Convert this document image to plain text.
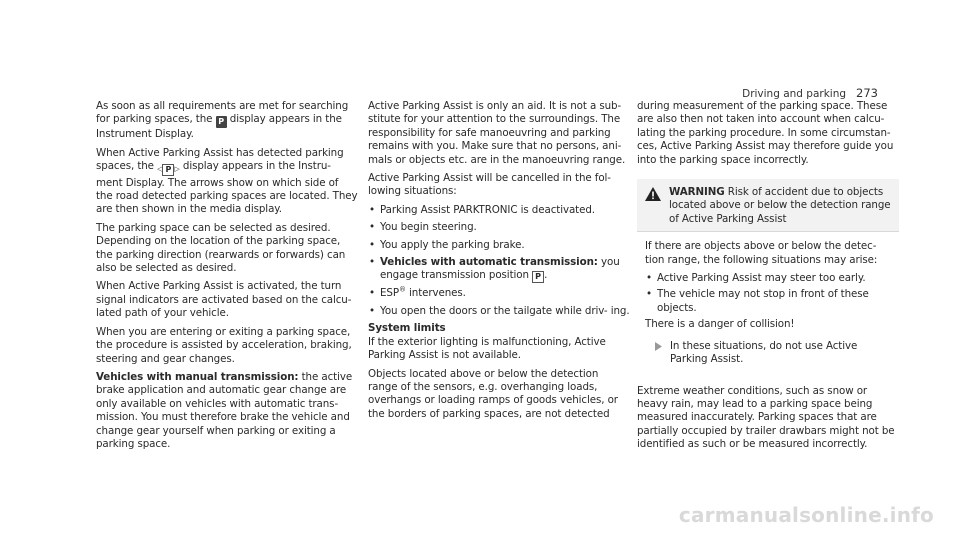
Driving and parking 273

As soon as all requirements are met for searching for parking spaces, the P display appears in the Instrument Display.

When Active Parking Assist has detected parking spaces, the ◁ P ▷ display appears in the Instru- ment Display. The arrows show on which side of the road detected parking spaces are located. They are then shown in the media display.

The parking space can be selected as desired. Depending on the location of the parking space, the parking direction (rearwards or forwards) can also be selected as desired.

When Active Parking Assist is activated, the turn signal indicators are activated based on the calcu- lated path of your vehicle.

When you are entering or exiting a parking space, the procedure is assisted by acceleration, braking, steering and gear changes.

Vehicles with manual transmission: the active brake application and automatic gear change are only available on vehicles with automatic trans- mission. You must therefore brake the vehicle and change gear yourself when parking or exiting a parking space.

Active Parking Assist is only an aid. It is not a sub- stitute for your attention to the surroundings. The responsibility for safe manoeuvring and parking remains with you. Make sure that no persons, ani- mals or objects etc. are in the manoeuvring range.

Active Parking Assist will be cancelled in the fol- lowing situations:

• Parking Assist PARKTRONIC is deactivated.
• You begin steering.
• You apply the parking brake.
• Vehicles with automatic transmission: you engage transmission position P .
• ESP® intervenes.
• You open the doors or the tailgate while driv- ing.

System limits

If the exterior lighting is malfunctioning, Active Parking Assist is not available.

Objects located above or below the detection range of the sensors, e.g. overhanging loads, overhangs or loading ramps of goods vehicles, or the borders of parking spaces, are not detected

during measurement of the parking space. These are also then not taken into account when calcu- lating the parking procedure. In some circumstan- ces, Active Parking Assist may therefore guide you into the parking space incorrectly.

WARNING Risk of accident due to objects located above or below the detection range of Active Parking Assist

If there are objects above or below the detec- tion range, the following situations may arise:

• Active Parking Assist may steer too early.
• The vehicle may not stop in front of these objects.

There is a danger of collision!

In these situations, do not use Active Parking Assist.

Extreme weather conditions, such as snow or heavy rain, may lead to a parking space being measured inaccurately. Parking spaces that are partially occupied by trailer drawbars might not be identified as such or be measured incorrectly.

carmanualsonline.info
